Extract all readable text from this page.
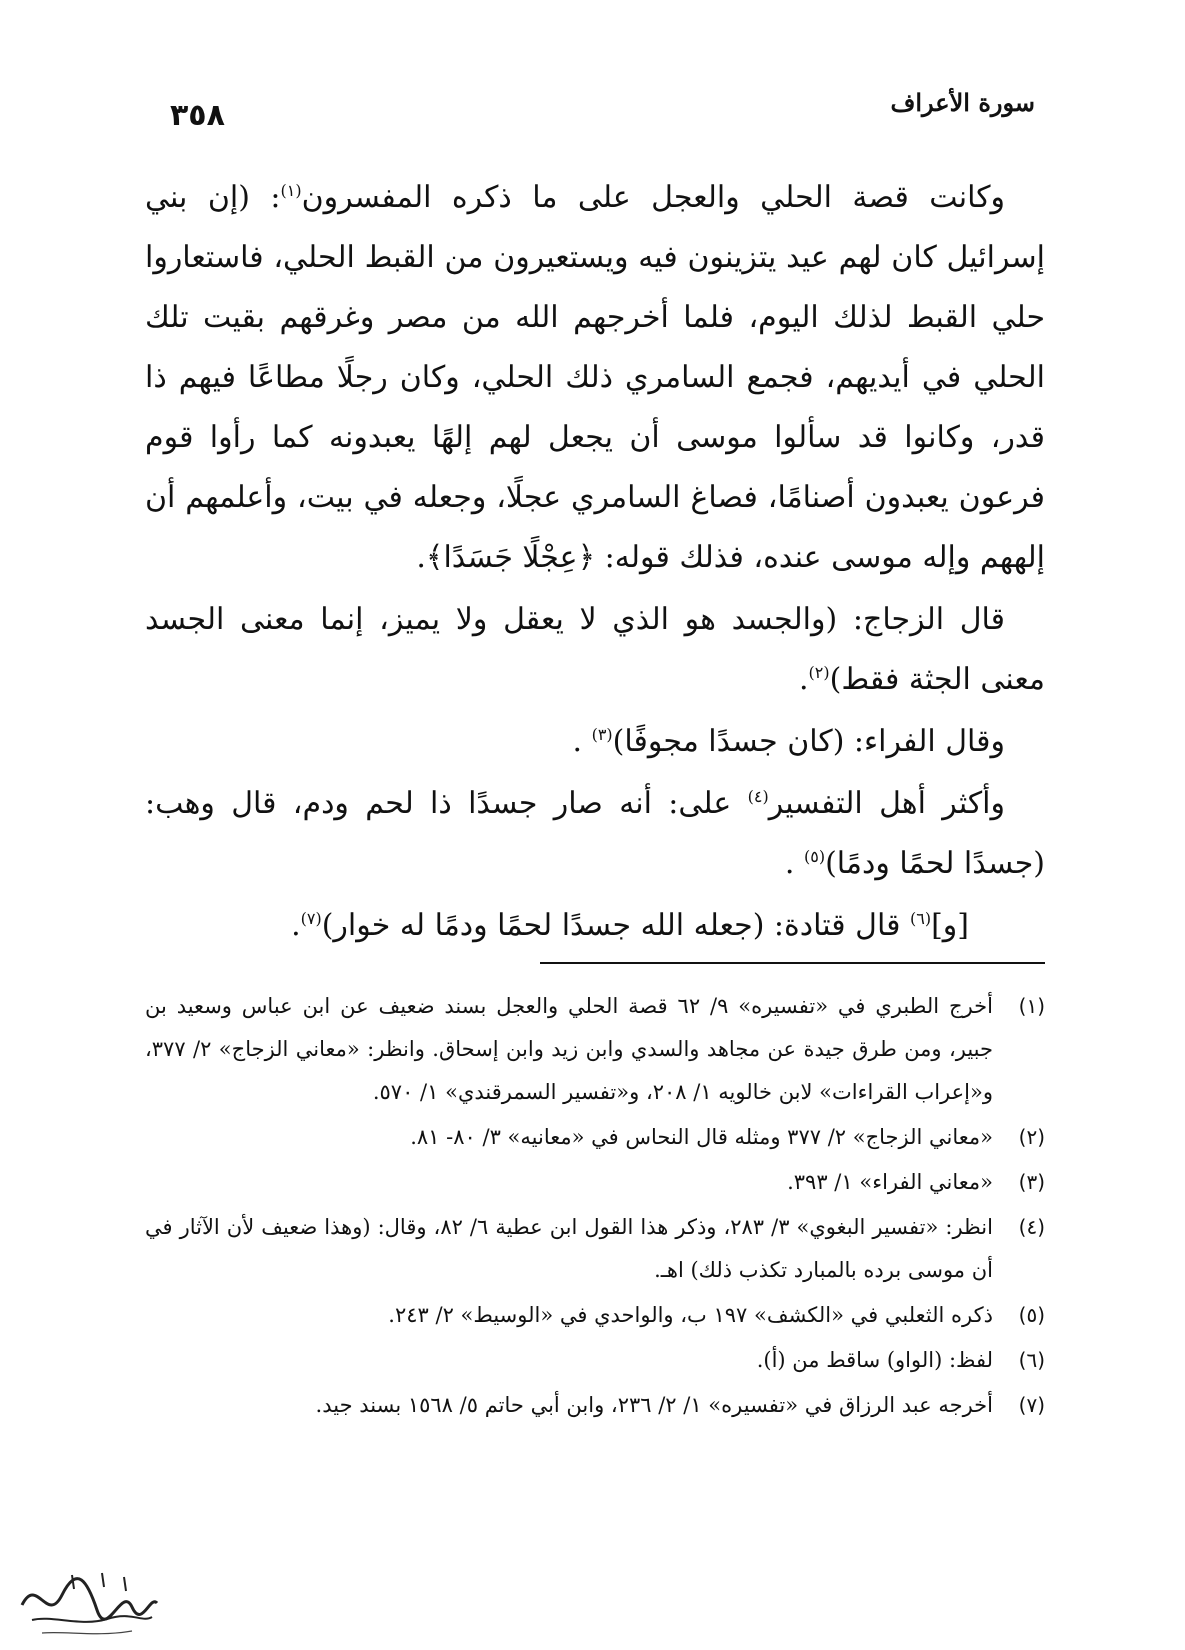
٣٥٨	سورة الأعراف

وكانت قصة الحلي والعجل على ما ذكره المفسرون$^{(١)}$: (إن بني إسرائيل كان لهم عيد يتزينون فيه ويستعيرون من القبط الحلي، فاستعاروا حلي القبط لذلك اليوم، فلما أخرجهم الله من مصر وغرقهم بقيت تلك الحلي في أيديهم، فجمع السامري ذلك الحلي، وكان رجلًا مطاعًا فيهم ذا قدر، وكانوا قد سألوا موسى أن يجعل لهم إلهًا يعبدونه كما رأوا قوم فرعون يعبدون أصنامًا، فصاغ السامري عجلًا، وجعله في بيت، وأعلمهم أن إلههم وإله موسى عنده، فذلك قوله: ﴿عِجْلًا جَسَدًا﴾.

قال الزجاج: (والجسد هو الذي لا يعقل ولا يميز، إنما معنى الجسد معنى الجثة فقط)$^{(٢)}$.

وقال الفراء: (كان جسدًا مجوفًا)$^{(٣)}$ .

وأكثر أهل التفسير$^{(٤)}$ على: أنه صار جسدًا ذا لحم ودم، قال وهب: (جسدًا لحمًا ودمًا)$^{(٥)}$ .

[و]$^{(٦)}$ قال قتادة: (جعله الله جسدًا لحمًا ودمًا له خوار)$^{(٧)}$.

(١)
أخرج الطبري في «تفسيره» ٩/ ٦٢ قصة الحلي والعجل بسند ضعيف عن ابن عباس وسعيد بن جبير، ومن طرق جيدة عن مجاهد والسدي وابن زيد وابن إسحاق. وانظر: «معاني الزجاج» ٢/ ٣٧٧، و«إعراب القراءات» لابن خالويه ١/ ٢٠٨، و«تفسير السمرقندي» ١/ ٥٧٠.
(٢)
«معاني الزجاج» ٢/ ٣٧٧ ومثله قال النحاس في «معانيه» ٣/ ٨٠- ٨١.
(٣)
«معاني الفراء» ١/ ٣٩٣.
(٤)
انظر: «تفسير البغوي» ٣/ ٢٨٣، وذكر هذا القول ابن عطية ٦/ ٨٢، وقال: (وهذا ضعيف لأن الآثار في أن موسى برده بالمبارد تكذب ذلك) اهـ.
(٥)
ذكره الثعلبي في «الكشف» ١٩٧ ب، والواحدي في «الوسيط» ٢/ ٢٤٣.
(٦)
لفظ: (الواو) ساقط من (أ).
(٧)
أخرجه عبد الرزاق في «تفسيره» ١/ ٢/ ٢٣٦، وابن أبي حاتم ٥/ ١٥٦٨ بسند جيد.
